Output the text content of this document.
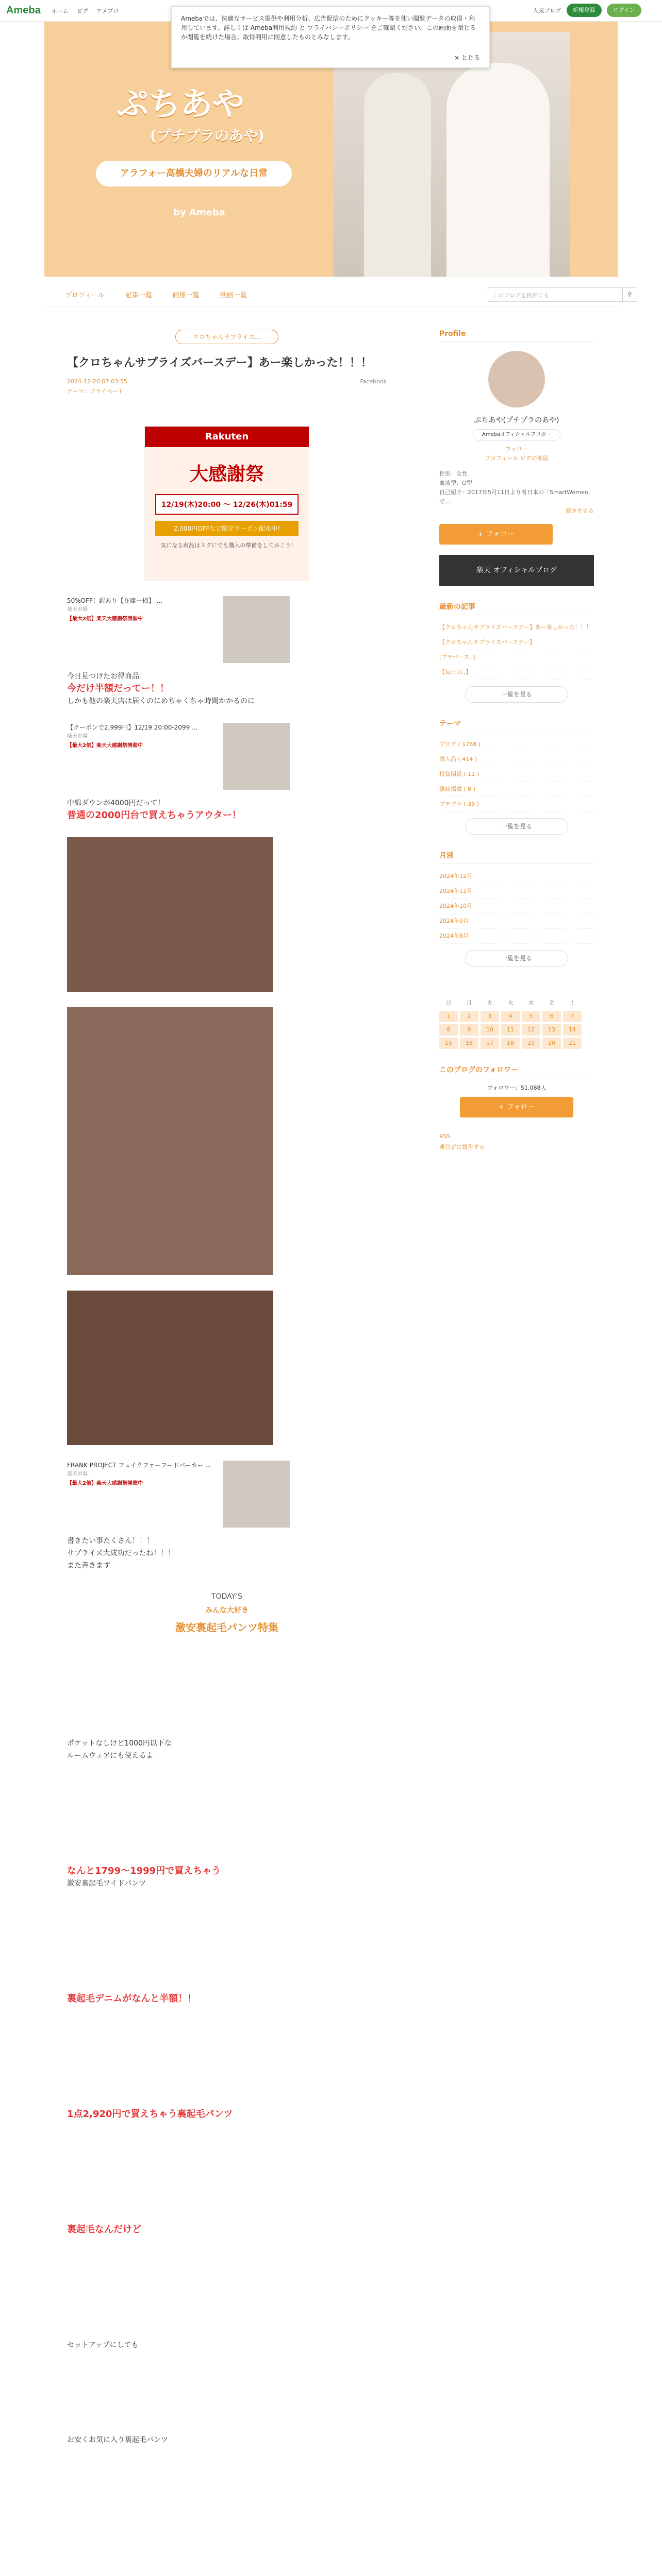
Ameba ホーム ピグ アメブロ	人気ブログ	新規登録	ログイン
ぷちあや
(プチプラのあや)
アラフォー高橋夫婦のリアルな日常
by Ameba
Amebaでは、快適なサービス提供や利用分析、広告配信のためにクッキー等を使い閲覧データの取得・利用しています。詳しくは Ameba利用規約 と プライバシーポリシー をご確認ください。この画面を閉じるか閲覧を続けた場合、取得利用に同意したものとみなします。
× とじる
プロフィール	記事一覧	画像一覧	動画一覧	このブログを検索する	⚲
クロちゃんサプライズ…
【クロちゃんサプライズバースデー】あー楽しかった！！！
2024-12-20 07:03:55	Facebook
テーマ：プライベート
Rakuten
大感謝祭
12/19(木)20:00 ～ 12/26(木)01:59
2,000円OFFなど限定クーポン配布中!
気になる商品はスグにでも購入の準備をしておこう!
50%OFF！訳あり【在庫一掃】 ...
楽天市場
【最大2倍】楽天大感謝祭開催中
今日見つけたお得商品！
今だけ半額だってー！！
しかも他の楽天店は届くのにめちゃくちゃ時間かかるのに
【クーポンで2,999円】12/19 20:00-2099 ...
楽天市場
【最大2倍】楽天大感謝祭開催中
中綿ダウンが4000円だって！
普通の2000円台で買えちゃうアウター！
FRANK PROJECT フェイクファーフードバーカー ...
楽天市場
【最大2倍】楽天大感謝祭開催中
書きたい事たくさん！！！
サプライズ大成功だったね！！！
また書きます
TODAY'S
みんな大好き
激安裏起毛パンツ特集
ポケットなしけど1000円以下な
ルームウェアにも使えるよ
なんと1799〜1999円で買えちゃう
激安裏起毛ワイドパンツ
裏起毛デニムがなんと半額！！
1点2,920円で買えちゃう裏起毛パンツ
裏起毛なんだけど
セットアップにしても
お安くお気に入り裏起毛パンツ
Profile
ぷちあや(プチプラのあや)
Amebaオフィシャルブロガー
フォロー
プロフィール ピグの部屋
性別：女性
血液型：O型
自己紹介：2017年5月11日より着日本の「SmartWomen」で…
続きを見る
+ フォロー
楽天 オフィシャルブログ
最新の記事
【クロちゃんサプライズバースデー】あー楽しかった！！！
【クロちゃんサプライズバースデー】
[プチバース..]
【毎日の..】
一覧を見る
テーマ
ブログ ( 1768 )
購入品 ( 414 )
投資関係 ( 11 )
雑誌掲載 ( 8 )
プチプラ ( 35 )
一覧を見る
月別
2024年12月
2024年11月
2024年10月
2024年9月
2024年8月
一覧を見る
日	月	火	水	木	金	土
1	2	3	4	5	6	7
8	9	10	11	12	13	14
15	16	17	18	19	20	21
このブログのフォロワー
フォロワー：51,088人
+ フォロー
RSS
運営者に報告する
